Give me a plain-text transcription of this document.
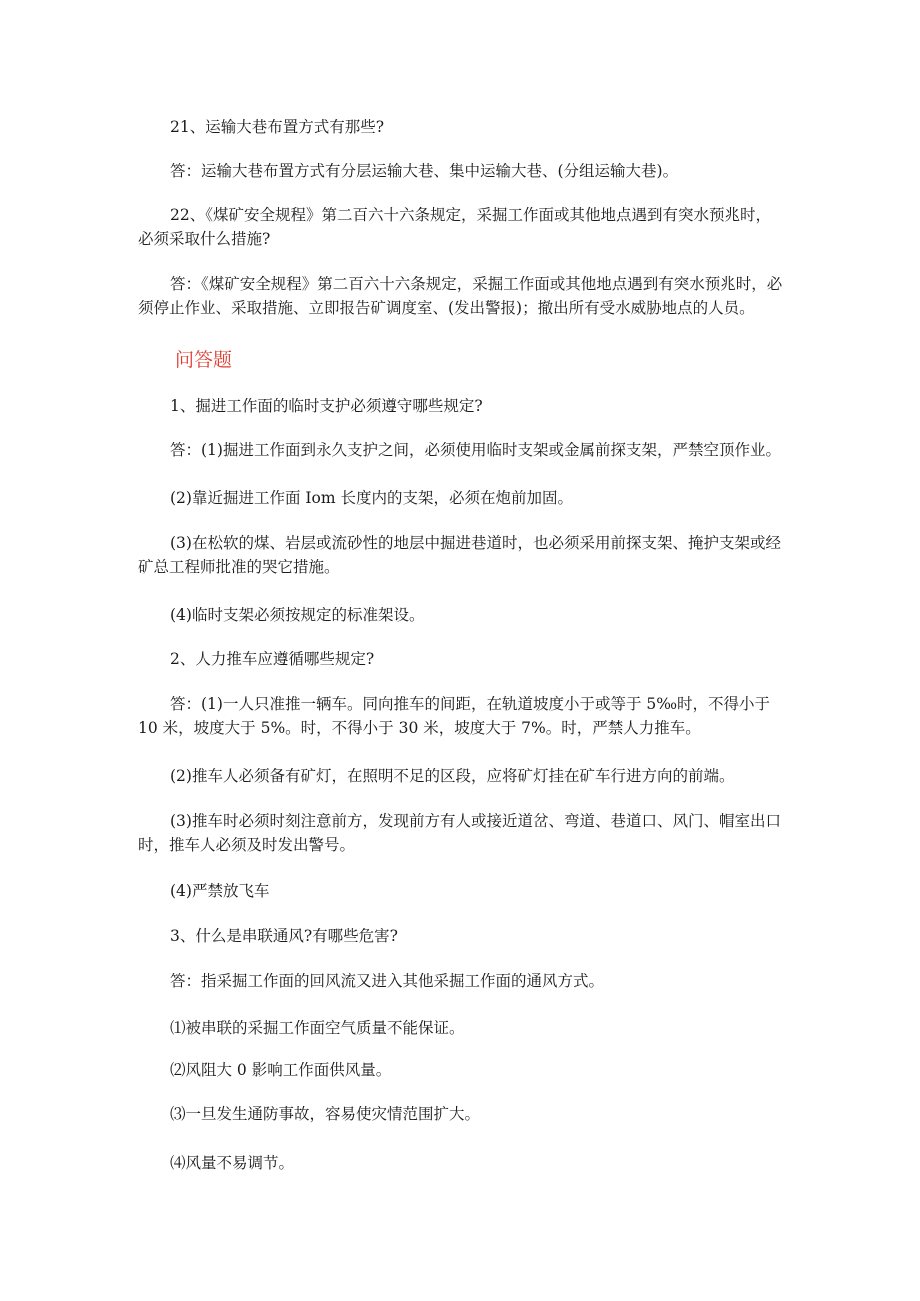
21、运输大巷布置方式有那些?

答：运输大巷布置方式有分层运输大巷、集中运输大巷、(分组运输大巷)。

22、《煤矿安全规程》第二百六十六条规定，采掘工作面或其他地点遇到有突水预兆时，必须采取什么措施?

答：《煤矿安全规程》第二百六十六条规定，采掘工作面或其他地点遇到有突水预兆时，必须停止作业、采取措施、立即报告矿调度室、(发出警报)；撤出所有受水威胁地点的人员。

问答题

1、掘进工作面的临时支护必须遵守哪些规定?

答：(1)掘进工作面到永久支护之间，必须使用临时支架或金属前探支架，严禁空顶作业。

(2)靠近掘进工作面 Iom 长度内的支架，必须在炮前加固。

(3)在松软的煤、岩层或流砂性的地层中掘进巷道时，也必须采用前探支架、掩护支架或经矿总工程师批准的哭它措施。

(4)临时支架必须按规定的标准架设。

2、人力推车应遵循哪些规定?

答：(1)一人只准推一辆车。同向推车的间距，在轨道坡度小于或等于 5‰时，不得小于 10 米，坡度大于 5%。时，不得小于 30 米，坡度大于 7%。时，严禁人力推车。

(2)推车人必须备有矿灯，在照明不足的区段，应将矿灯挂在矿车行进方向的前端。

(3)推车时必须时刻注意前方，发现前方有人或接近道岔、弯道、巷道口、风门、帽室出口时，推车人必须及时发出警号。

(4)严禁放飞车

3、什么是串联通风?有哪些危害?

答：指采掘工作面的回风流又进入其他采掘工作面的通风方式。

⑴被串联的采掘工作面空气质量不能保证。

⑵风阻大 0 影响工作面供风量。

⑶一旦发生通防事故，容易使灾情范围扩大。

⑷风量不易调节。
